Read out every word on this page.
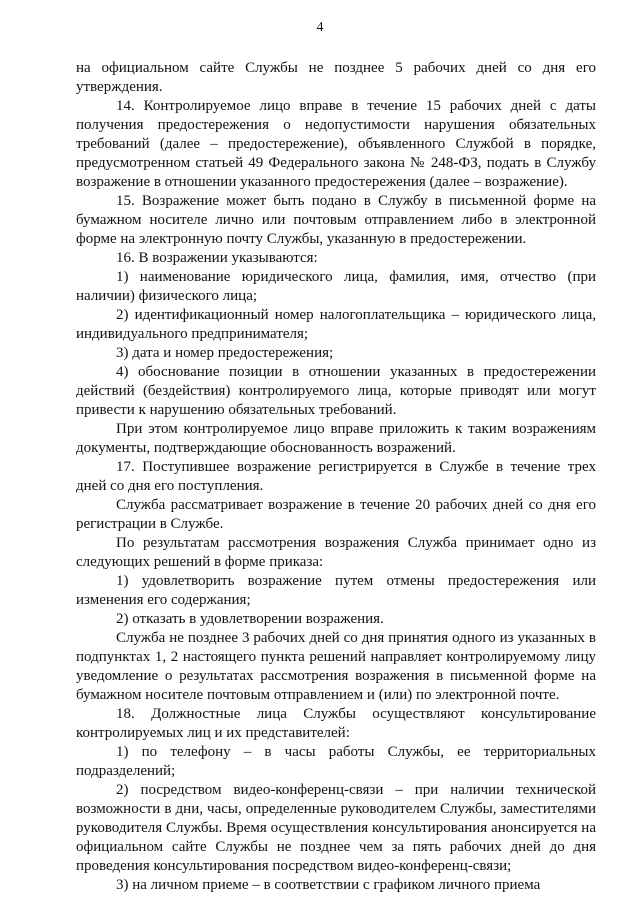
4

на официальном сайте Службы не позднее 5 рабочих дней со дня его утверждения.

14. Контролируемое лицо вправе в течение 15 рабочих дней с даты получения предостережения о недопустимости нарушения обязательных требований (далее – предостережение), объявленного Службой в порядке, предусмотренном статьей 49 Федерального закона № 248-ФЗ, подать в Службу возражение в отношении указанного предостережения (далее – возражение).

15. Возражение может быть подано в Службу в письменной форме на бумажном носителе лично или почтовым отправлением либо в электронной форме на электронную почту Службы, указанную в предостережении.

16. В возражении указываются:

1) наименование юридического лица, фамилия, имя, отчество (при наличии) физического лица;

2) идентификационный номер налогоплательщика – юридического лица, индивидуального предпринимателя;

3) дата и номер предостережения;

4) обоснование позиции в отношении указанных в предостережении действий (бездействия) контролируемого лица, которые приводят или могут привести к нарушению обязательных требований.

При этом контролируемое лицо вправе приложить к таким возражениям документы, подтверждающие обоснованность возражений.

17. Поступившее возражение регистрируется в Службе в течение трех дней со дня его поступления.

Служба рассматривает возражение в течение 20 рабочих дней со дня его регистрации в Службе.

По результатам рассмотрения возражения Служба принимает одно из следующих решений в форме приказа:

1) удовлетворить возражение путем отмены предостережения или изменения его содержания;

2) отказать в удовлетворении возражения.

Служба не позднее 3 рабочих дней со дня принятия одного из указанных в подпунктах 1, 2 настоящего пункта решений направляет контролируемому лицу уведомление о результатах рассмотрения возражения в письменной форме на бумажном носителе почтовым отправлением и (или) по электронной почте.

18. Должностные лица Службы осуществляют консультирование контролируемых лиц и их представителей:

1) по телефону – в часы работы Службы, ее территориальных подразделений;

2) посредством видео-конференц-связи – при наличии технической возможности в дни, часы, определенные руководителем Службы, заместителями руководителя Службы. Время осуществления консультирования анонсируется на официальном сайте Службы не позднее чем за пять рабочих дней до дня проведения консультирования посредством видео-конференц-связи;

3) на личном приеме – в соответствии с графиком личного приема
